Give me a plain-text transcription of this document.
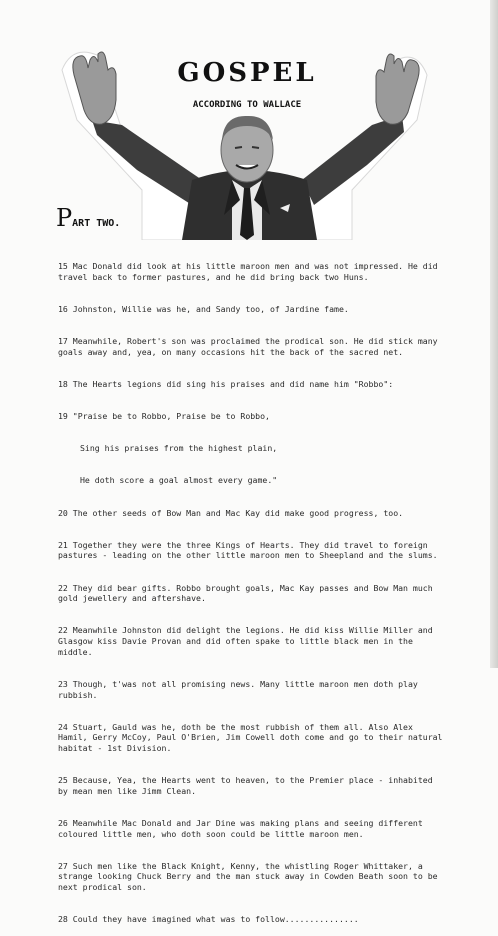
GOSPEL
ACCORDING TO WALLACE
PART TWO.

15 Mac Donald did look at his little maroon men and was not impressed. He did travel back to former pastures, and he did bring back two Huns.

16 Johnston, Willie was he, and Sandy too, of Jardine fame.

17 Meanwhile, Robert's son was proclaimed the prodical son. He did stick many goals away and, yea, on many occasions hit the back of the sacred net.

18 The Hearts legions did sing his praises and did name him "Robbo":

19 "Praise be to Robbo, Praise be to Robbo,

Sing his praises from the highest plain,

He doth score a goal almost every game."

20 The other seeds of Bow Man and Mac Kay did make good progress, too.

21 Together they were the three Kings of Hearts. They did travel to foreign pastures - leading on the other little maroon men to Sheepland and the slums.

22 They did bear gifts. Robbo brought goals, Mac Kay passes and Bow Man much gold jewellery and aftershave.

22 Meanwhile Johnston did delight the legions. He did kiss Willie Miller and Glasgow kiss Davie Provan and did often spake to little black men in the middle.

23 Though, t'was not all promising news. Many little maroon men doth play rubbish.

24 Stuart, Gauld was he, doth be the most rubbish of them all. Also Alex Hamil, Gerry McCoy, Paul O'Brien, Jim Cowell doth come and go to their natural habitat - 1st Division.

25 Because, Yea, the Hearts went to heaven, to the Premier place - inhabited by mean men like Jimm Clean.

26 Meanwhile Mac Donald and Jar Dine was making plans and seeing different coloured little men, who doth soon could be little maroon men.

27 Such men like the Black Knight, Kenny, the whistling Roger Whittaker, a strange looking Chuck Berry and the man stuck away in Cowden Beath soon to be next prodical son.

28 Could they have imagined what was to follow...............
